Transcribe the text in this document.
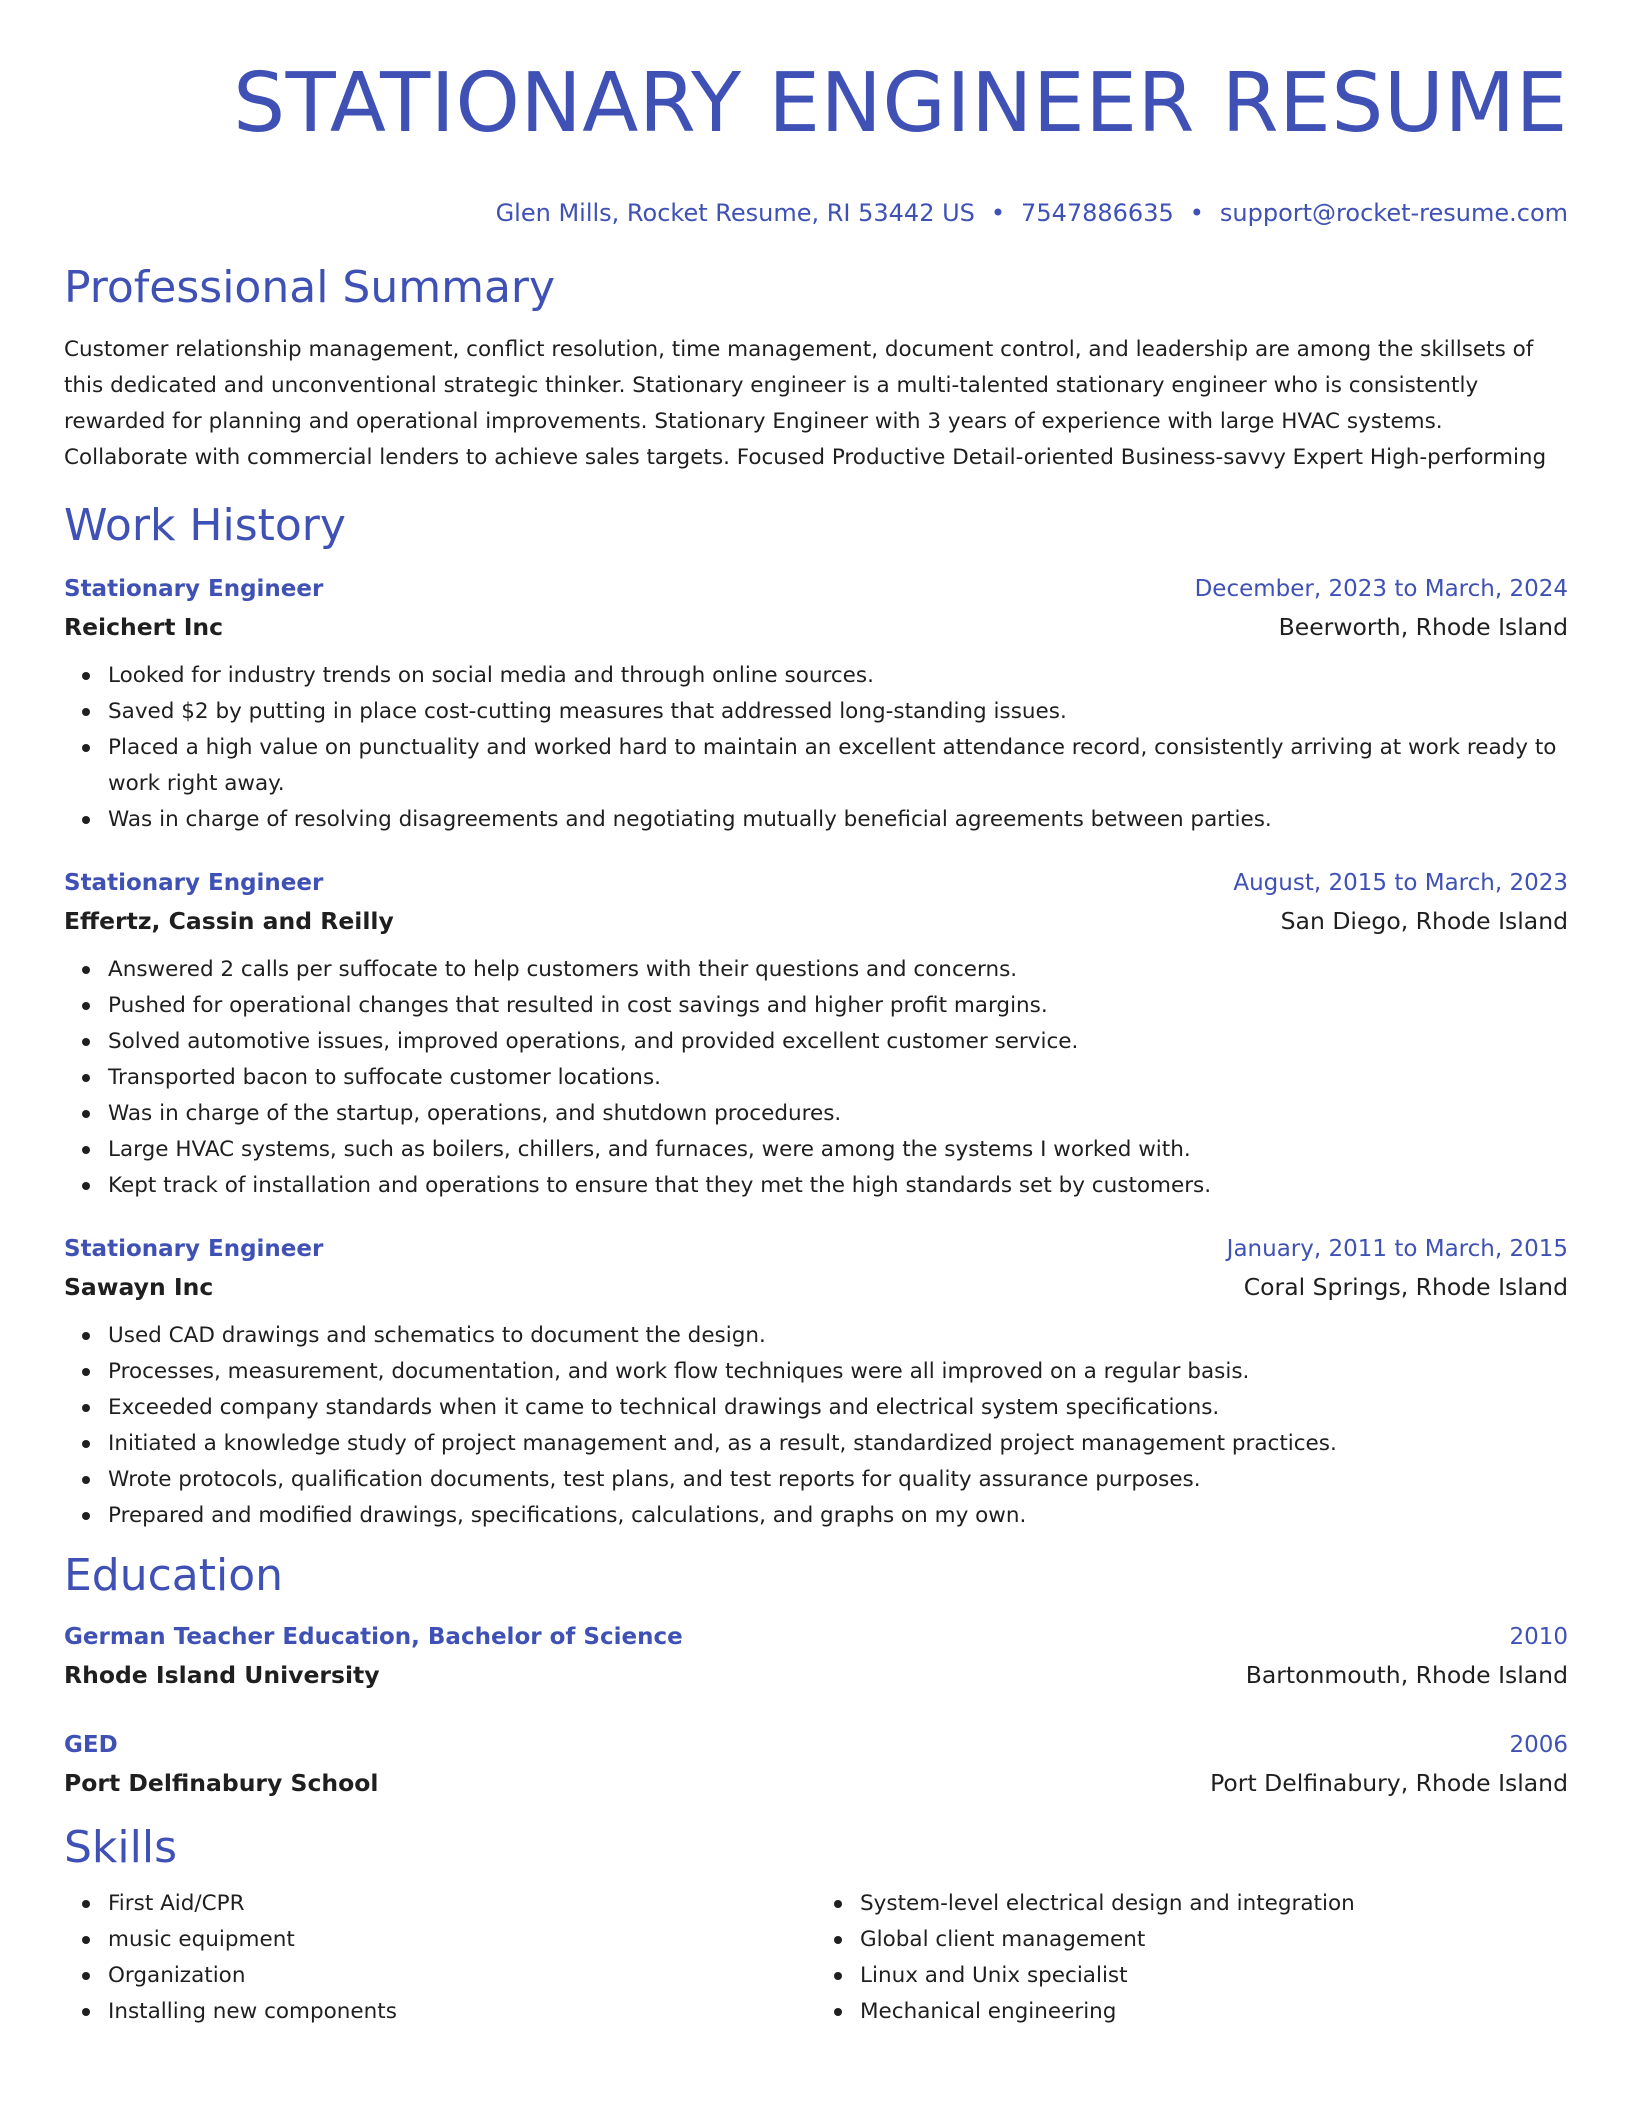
STATIONARY ENGINEER RESUME
Glen Mills, Rocket Resume, RI 53442 US • 7547886635 • support@rocket-resume.com
Professional Summary

Customer relationship management, conflict resolution, time management, document control, and leadership are among the skillsets of this dedicated and unconventional strategic thinker. Stationary engineer is a multi-talented stationary engineer who is consistently rewarded for planning and operational improvements. Stationary Engineer with 3 years of experience with large HVAC systems. Collaborate with commercial lenders to achieve sales targets. Focused Productive Detail-oriented Business-savvy Expert High-performing

Work History
Stationary Engineer	December, 2023 to March, 2024
Reichert Inc	Beerworth, Rhode Island
Looked for industry trends on social media and through online sources.
Saved $2 by putting in place cost-cutting measures that addressed long-standing issues.
Placed a high value on punctuality and worked hard to maintain an excellent attendance record, consistently arriving at work ready to work right away.
Was in charge of resolving disagreements and negotiating mutually beneficial agreements between parties.
Stationary Engineer	August, 2015 to March, 2023
Effertz, Cassin and Reilly	San Diego, Rhode Island
Answered 2 calls per suffocate to help customers with their questions and concerns.
Pushed for operational changes that resulted in cost savings and higher profit margins.
Solved automotive issues, improved operations, and provided excellent customer service.
Transported bacon to suffocate customer locations.
Was in charge of the startup, operations, and shutdown procedures.
Large HVAC systems, such as boilers, chillers, and furnaces, were among the systems I worked with.
Kept track of installation and operations to ensure that they met the high standards set by customers.
Stationary Engineer	January, 2011 to March, 2015
Sawayn Inc	Coral Springs, Rhode Island
Used CAD drawings and schematics to document the design.
Processes, measurement, documentation, and work flow techniques were all improved on a regular basis.
Exceeded company standards when it came to technical drawings and electrical system specifications.
Initiated a knowledge study of project management and, as a result, standardized project management practices.
Wrote protocols, qualification documents, test plans, and test reports for quality assurance purposes.
Prepared and modified drawings, specifications, calculations, and graphs on my own.
Education
German Teacher Education, Bachelor of Science	2010
Rhode Island University	Bartonmouth, Rhode Island
GED	2006
Port Delfinabury School	Port Delfinabury, Rhode Island
Skills
First Aid/CPR
music equipment
Organization
Installing new components
System-level electrical design and integration
Global client management
Linux and Unix specialist
Mechanical engineering
